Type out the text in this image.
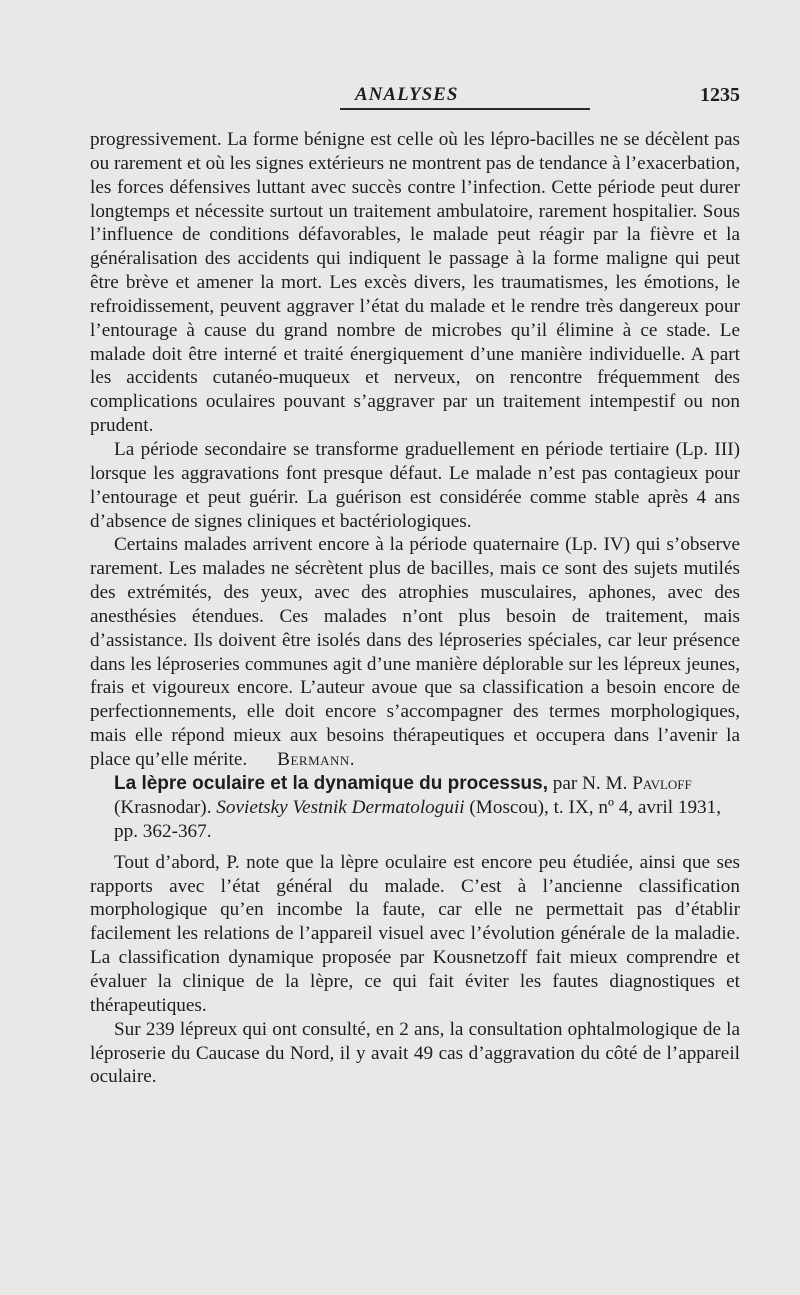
ANALYSES	1235

progressivement. La forme bénigne est celle où les lépro-bacilles ne se décèlent pas ou rarement et où les signes extérieurs ne montrent pas de tendance à l’exacerbation, les forces défensives luttant avec succès contre l’infection. Cette période peut durer longtemps et nécessite surtout un traitement ambulatoire, rarement hospitalier. Sous l’influence de conditions défavorables, le malade peut réagir par la fièvre et la généralisation des accidents qui indiquent le passage à la forme maligne qui peut être brève et amener la mort. Les excès divers, les traumatismes, les émotions, le refroidissement, peuvent aggraver l’état du malade et le rendre très dangereux pour l’entourage à cause du grand nombre de microbes qu’il élimine à ce stade. Le malade doit être interné et traité énergiquement d’une manière individuelle. A part les accidents cutanéo-muqueux et nerveux, on rencontre fréquemment des complications oculaires pouvant s’aggraver par un traitement intempestif ou non prudent.

La période secondaire se transforme graduellement en période tertiaire (Lp. III) lorsque les aggravations font presque défaut. Le malade n’est pas contagieux pour l’entourage et peut guérir. La guérison est considérée comme stable après 4 ans d’absence de signes cliniques et bactériologiques.

Certains malades arrivent encore à la période quaternaire (Lp. IV) qui s’observe rarement. Les malades ne sécrètent plus de bacilles, mais ce sont des sujets mutilés des extrémités, des yeux, avec des atrophies musculaires, aphones, avec des anesthésies étendues. Ces malades n’ont plus besoin de traitement, mais d’assistance. Ils doivent être isolés dans des léproseries spéciales, car leur présence dans les léproseries communes agit d’une manière déplorable sur les lépreux jeunes, frais et vigoureux encore. L’auteur avoue que sa classification a besoin encore de perfectionnements, elle doit encore s’accompagner des termes morphologiques, mais elle répond mieux aux besoins thérapeutiques et occupera dans l’avenir la place qu’elle mérite. Bermann.

La lèpre oculaire et la dynamique du processus, par N. M. Pavloff (Krasnodar). Sovietsky Vestnik Dermatologuii (Moscou), t. IX, nº 4, avril 1931, pp. 362-367.

Tout d’abord, P. note que la lèpre oculaire est encore peu étudiée, ainsi que ses rapports avec l’état général du malade. C’est à l’ancienne classification morphologique qu’en incombe la faute, car elle ne permettait pas d’établir facilement les relations de l’appareil visuel avec l’évolution générale de la maladie. La classification dynamique proposée par Kousnetzoff fait mieux comprendre et évaluer la clinique de la lèpre, ce qui fait éviter les fautes diagnostiques et thérapeutiques.

Sur 239 lépreux qui ont consulté, en 2 ans, la consultation ophtalmologique de la léproserie du Caucase du Nord, il y avait 49 cas d’aggravation du côté de l’appareil oculaire.
